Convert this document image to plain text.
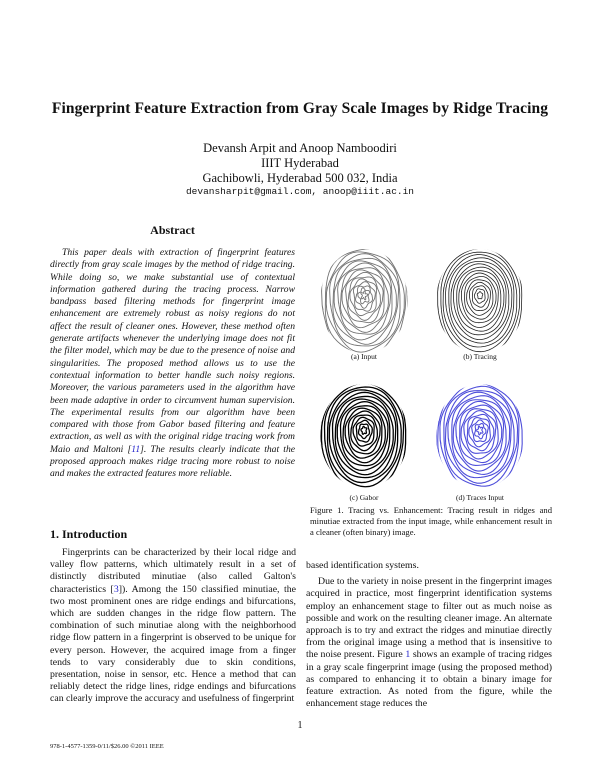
Fingerprint Feature Extraction from Gray Scale Images by Ridge Tracing
Devansh Arpit and Anoop Namboodiri
IIIT Hyderabad
Gachibowli, Hyderabad 500 032, India
devansharpit@gmail.com, anoop@iiit.ac.in
Abstract
This paper deals with extraction of fingerprint features directly from gray scale images by the method of ridge tracing. While doing so, we make substantial use of contextual information gathered during the tracing process. Narrow bandpass based filtering methods for fingerprint image enhancement are extremely robust as noisy regions do not affect the result of cleaner ones. However, these method often generate artifacts whenever the underlying image does not fit the filter model, which may be due to the presence of noise and singularities. The proposed method allows us to use the contextual information to better handle such noisy regions. Moreover, the various parameters used in the algorithm have been made adaptive in order to circumvent human supervision. The experimental results from our algorithm have been compared with those from Gabor based filtering and feature extraction, as well as with the original ridge tracing work from Maio and Maltoni [11]. The results clearly indicate that the proposed approach makes ridge tracing more robust to noise and makes the extracted features more reliable.
(a) Input	(b) Tracing
(c) Gabor	(d) Traces Input
Figure 1. Tracing vs. Enhancement: Tracing result in ridges and minutiae extracted from the input image, while enhancement result in a cleaner (often binary) image.
1. Introduction
Fingerprints can be characterized by their local ridge and valley flow patterns, which ultimately result in a set of distinctly distributed minutiae (also called Galton's characteristics [3]). Among the 150 classified minutiae, the two most prominent ones are ridge endings and bifurcations, which are sudden changes in the ridge flow pattern. The combination of such minutiae along with the neighborhood ridge flow pattern in a fingerprint is observed to be unique for every person. However, the acquired image from a finger tends to vary considerably due to skin conditions, presentation, noise in sensor, etc. Hence a method that can reliably detect the ridge lines, ridge endings and bifurcations can clearly improve the accuracy and usefulness of fingerprint

based identification systems.

Due to the variety in noise present in the fingerprint images acquired in practice, most fingerprint identification systems employ an enhancement stage to filter out as much noise as possible and work on the resulting cleaner image. An alternate approach is to try and extract the ridges and minutiae directly from the original image using a method that is insensitive to the noise present. Figure 1 shows an example of tracing ridges in a gray scale fingerprint image (using the proposed method) as compared to enhancing it to obtain a binary image for feature extraction. As noted from the figure, while the enhancement stage reduces the

1
978-1-4577-1359-0/11/$26.00 ©2011 IEEE
